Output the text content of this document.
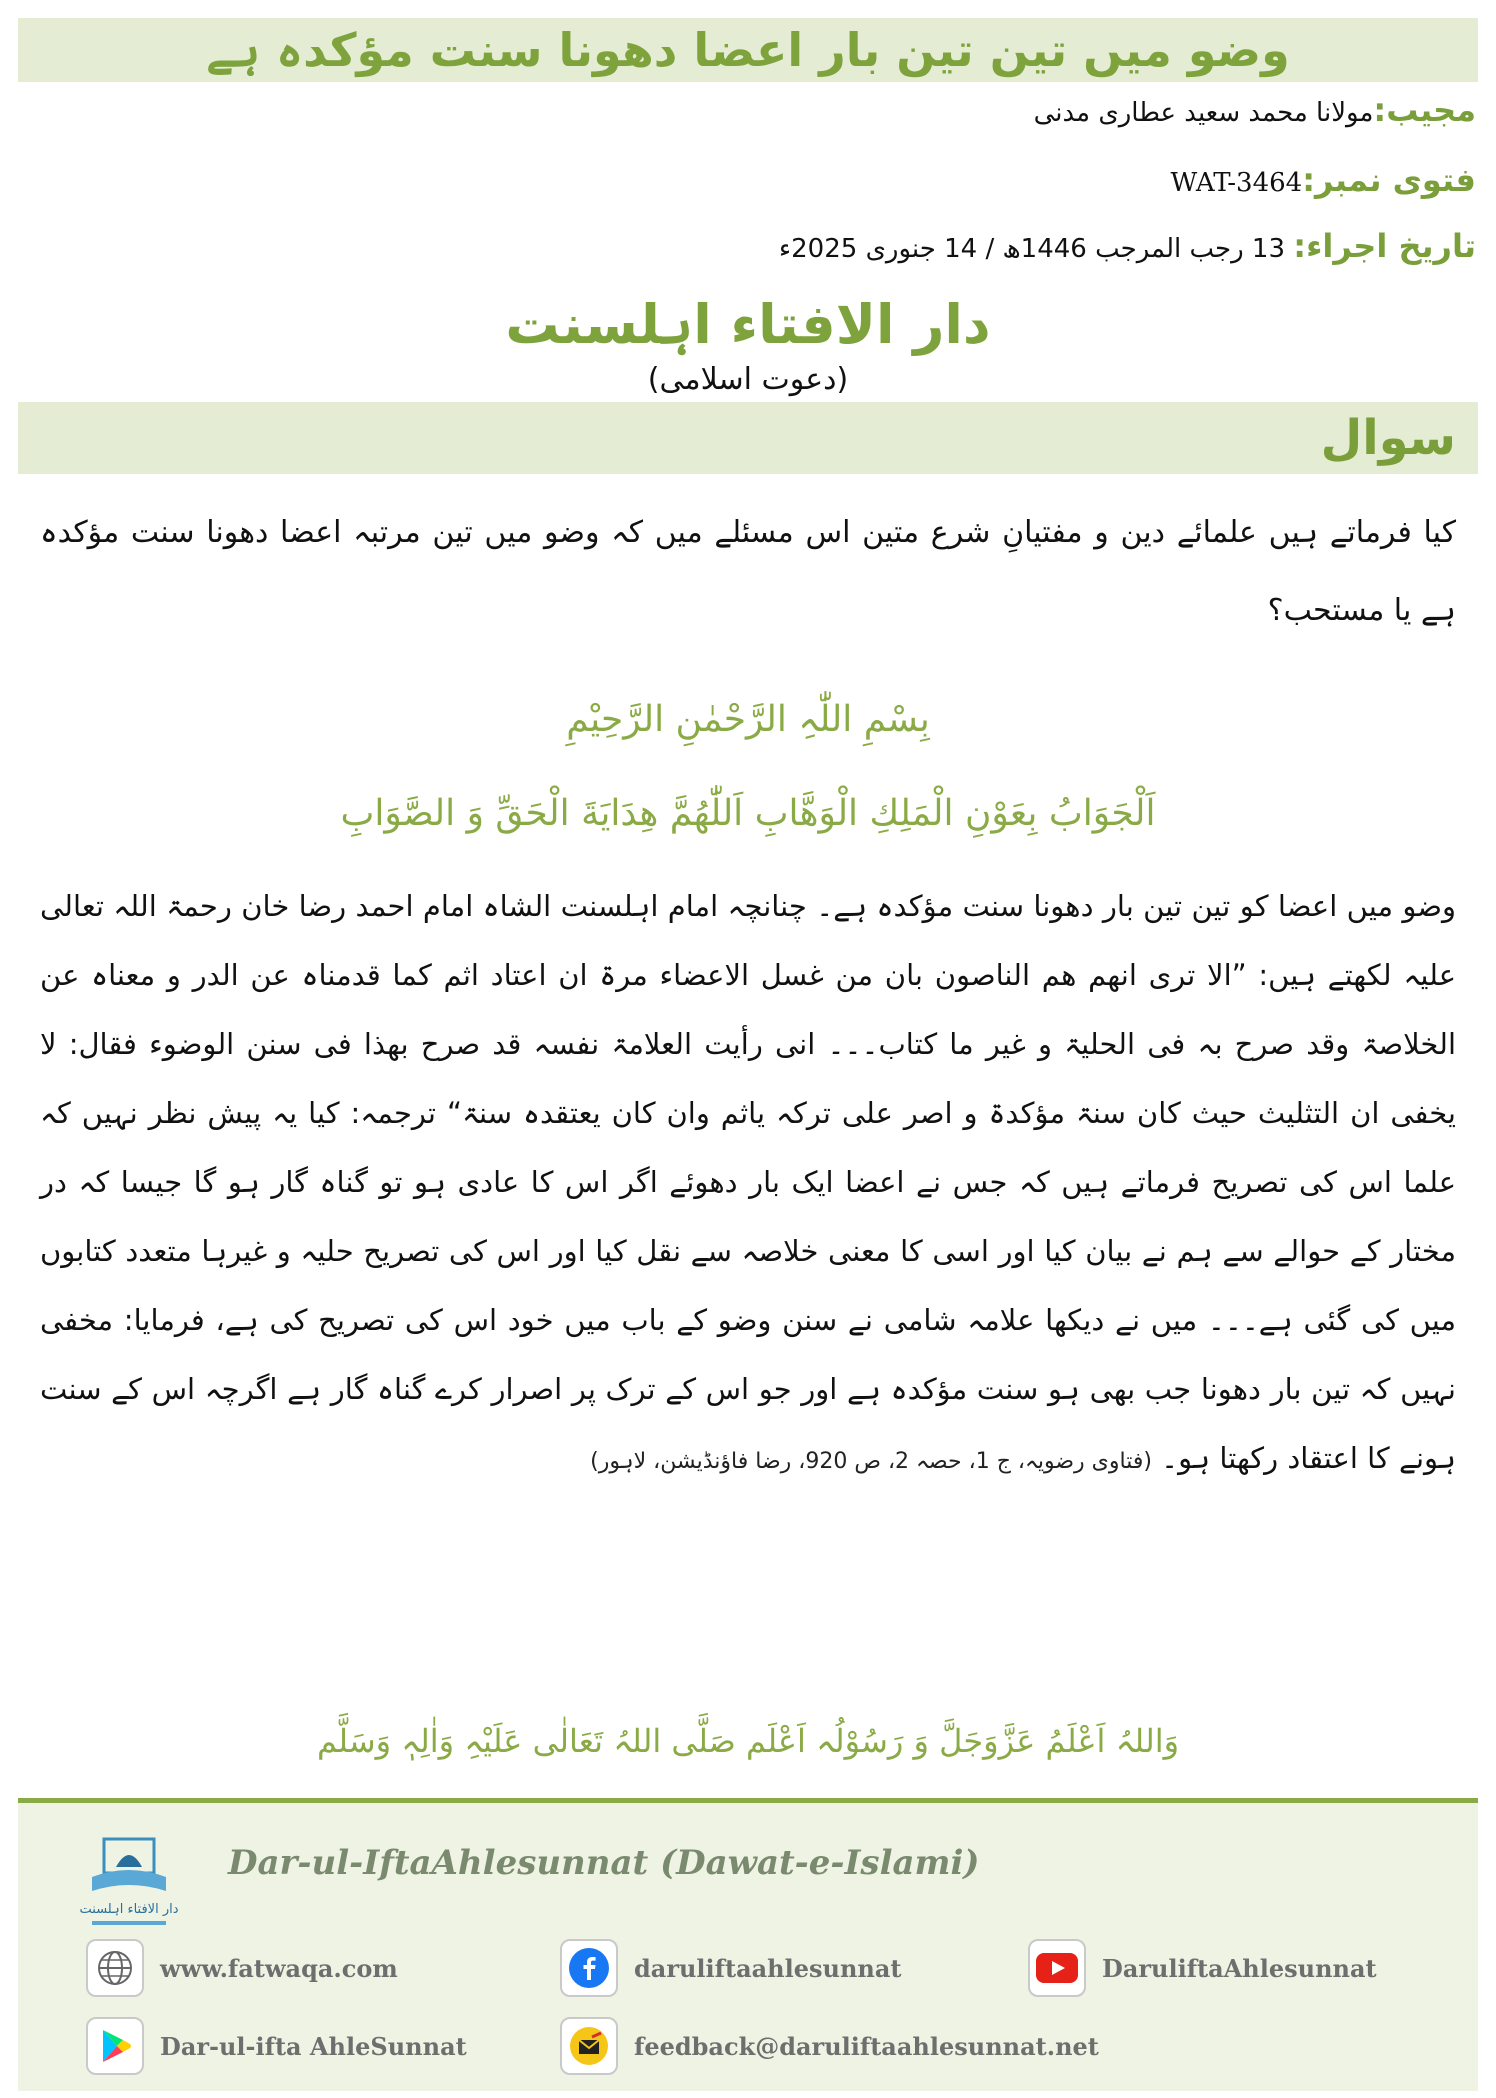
وضو میں تین تین بار اعضا دھونا سنت مؤکدہ ہے
مجیب:مولانا محمد سعید عطاری مدنی
فتوی نمبر:WAT-3464
تاریخ اجراء: 13 رجب المرجب 1446ھ / 14 جنوری 2025ء
دار الافتاء اہلسنت
(دعوت اسلامی)
سوال
کیا فرماتے ہیں علمائے دین و مفتیانِ شرع متین اس مسئلے میں کہ وضو میں تین مرتبہ اعضا دھونا سنت مؤکدہ ہے یا مستحب؟
بِسْمِ اللّٰہِ الرَّحْمٰنِ الرَّحِیْمِ
اَلْجَوَابُ بِعَوْنِ الْمَلِكِ الْوَهَّابِ اَللّٰهُمَّ هِدَايَةَ الْحَقِّ وَ الصَّوَابِ
وضو میں اعضا کو تین تین بار دھونا سنت مؤکدہ ہے۔ چنانچہ امام اہلسنت الشاہ امام احمد رضا خان رحمۃ اللہ تعالی علیہ لکھتے ہیں: ”الا تری انھم ھم الناصون بان من غسل الاعضاء مرۃ ان اعتاد اثم کما قدمناہ عن الدر و معناہ عن الخلاصۃ وقد صرح بہ فی الحلیۃ و غیر ما کتاب۔۔۔ انی رأیت العلامۃ نفسہ قد صرح بھذا فی سنن الوضوء فقال: لا یخفی ان التثلیث حیث کان سنۃ مؤکدۃ و اصر علی ترکہ یاثم وان کان یعتقدہ سنۃ“ ترجمہ: کیا یہ پیش نظر نہیں کہ علما اس کی تصریح فرماتے ہیں کہ جس نے اعضا ایک بار دھوئے اگر اس کا عادی ہو تو گناہ گار ہو گا جیسا کہ در مختار کے حوالے سے ہم نے بیان کیا اور اسی کا معنی خلاصہ سے نقل کیا اور اس کی تصریح حلیہ و غیرہا متعدد کتابوں میں کی گئی ہے۔۔۔ میں نے دیکھا علامہ شامی نے سنن وضو کے باب میں خود اس کی تصریح کی ہے، فرمایا: مخفی نہیں کہ تین بار دھونا جب بھی ہو سنت مؤکدہ ہے اور جو اس کے ترک پر اصرار کرے گناہ گار ہے اگرچہ اس کے سنت ہونے کا اعتقاد رکھتا ہو۔ (فتاوی رضویہ، ج 1، حصہ 2، ص 920، رضا فاؤنڈیشن، لاہور)
وَاللہُ اَعْلَمُ عَزَّوَجَلَّ وَ رَسُوْلُہ اَعْلَم صَلَّی اللہُ تَعَالٰی عَلَیْہِ وَاٰلِہٖ وَسَلَّم
دار الافتاء اہلسنت
Dar-ul-IftaAhlesunnat (Dawat-e-Islami)
www.fatwaqa.com	daruliftaahlesunnat	DaruliftaAhlesunnat
Dar-ul-ifta AhleSunnat	feedback@daruliftaahlesunnat.net
